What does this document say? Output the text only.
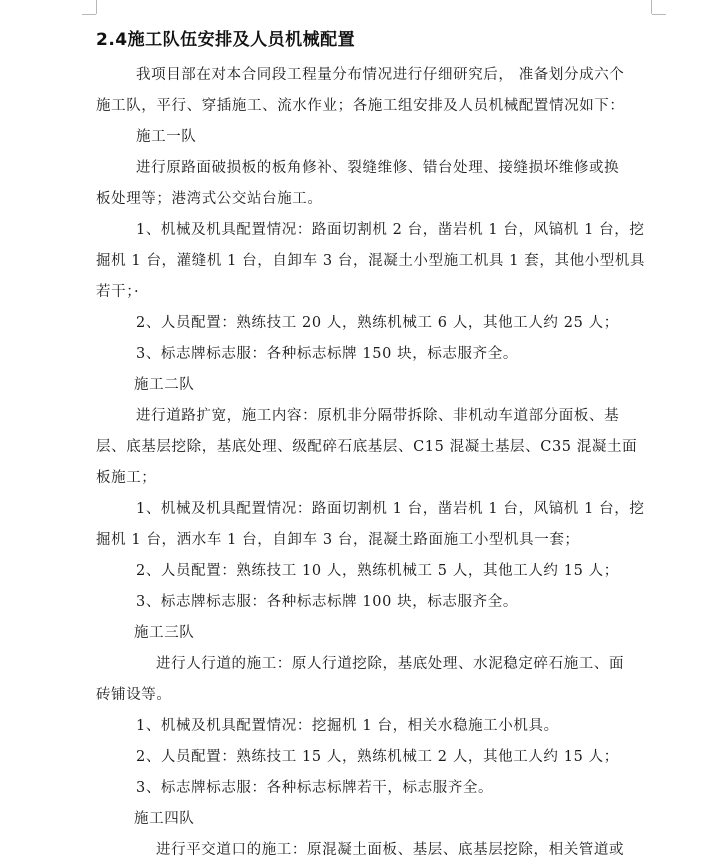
2.4施工队伍安排及人员机械配置

我项目部在对本合同段工程量分布情况进行仔细研究后， 准备划分成六个

施工队，平行、穿插施工、流水作业；各施工组安排及人员机械配置情况如下：

施工一队

进行原路面破损板的板角修补、裂缝维修、错台处理、接缝损坏维修或换

板处理等；港湾式公交站台施工。

1、机械及机具配置情况：路面切割机 2 台，凿岩机 1 台，风镐机 1 台，挖

掘机 1 台，灌缝机 1 台，自卸车 3 台，混凝土小型施工机具 1 套，其他小型机具

若干；·

2、人员配置：熟练技工 20 人，熟练机械工 6 人，其他工人约 25 人；

3、标志牌标志服：各种标志标牌 150 块，标志服齐全。

施工二队

进行道路扩宽，施工内容：原机非分隔带拆除、非机动车道部分面板、基

层、底基层挖除，基底处理、级配碎石底基层、C15 混凝土基层、C35 混凝土面

板施工；

1、机械及机具配置情况：路面切割机 1 台，凿岩机 1 台，风镐机 1 台，挖

掘机 1 台，洒水车 1 台，自卸车 3 台，混凝土路面施工小型机具一套；

2、人员配置：熟练技工 10 人，熟练机械工 5 人，其他工人约 15 人；

3、标志牌标志服：各种标志标牌 100 块，标志服齐全。

施工三队

进行人行道的施工：原人行道挖除，基底处理、水泥稳定碎石施工、面

砖铺设等。

1、机械及机具配置情况：挖掘机 1 台，相关水稳施工小机具。

2、人员配置：熟练技工 15 人，熟练机械工 2 人，其他工人约 15 人；

3、标志牌标志服：各种标志标牌若干，标志服齐全。

施工四队

进行平交道口的施工：原混凝土面板、基层、底基层挖除，相关管道或
